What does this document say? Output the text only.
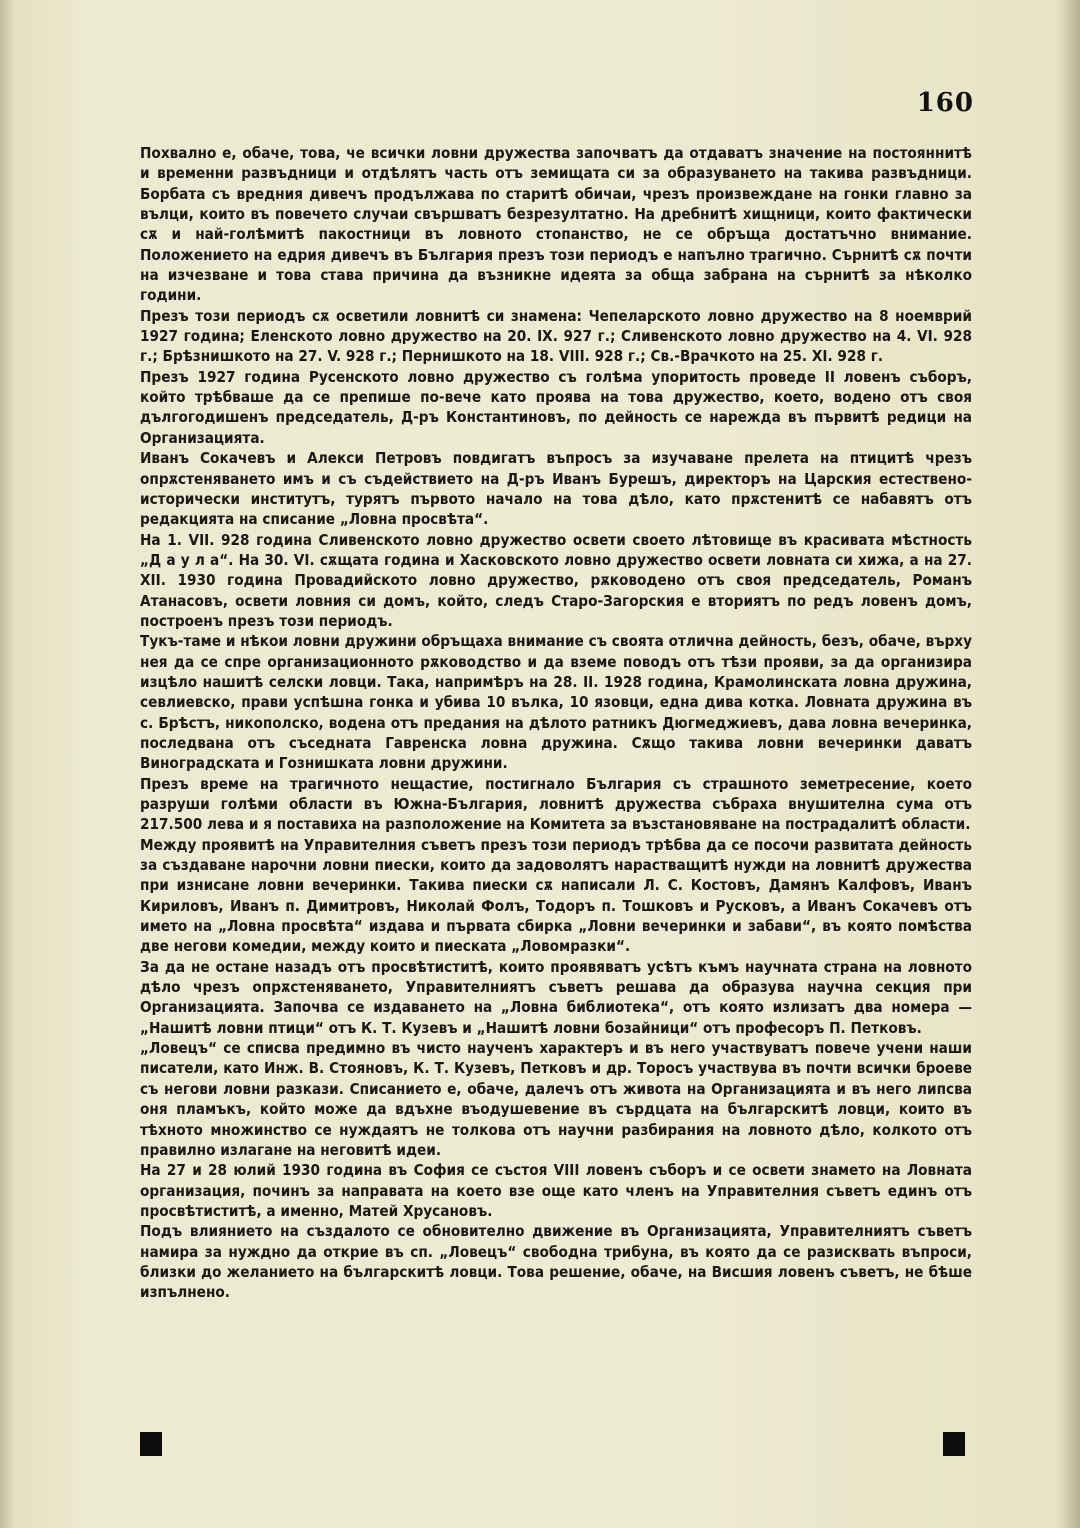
160

Похвално е, обаче, това, че всички ловни дружества започватъ да отдаватъ значение на постояннитѣ и временни развъдници и отдѣлятъ часть отъ земищата си за образуването на такива развъдници. Борбата съ вредния дивечъ продължава по старитѣ обичаи, чрезъ произвеждане на гонки главно за вълци, които въ повечето случаи свършватъ безрезултатно. На дребнитѣ хищници, които фактически сѫ и най-голѣмитѣ пакостници въ ловното стопанство, не се обръща достатъчно внимание. Положението на едрия дивечъ въ България презъ този периодъ е напълно трагично. Сърнитѣ сѫ почти на изчезване и това става причина да възникне идеята за обща забрана на сърнитѣ за нѣколко години.

Презъ този периодъ сѫ осветили ловнитѣ си знамена: Чепеларското ловно дружество на 8 ноемврий 1927 година; Еленското ловно дружество на 20. IX. 927 г.; Сливенското ловно дружество на 4. VI. 928 г.; Брѣзнишкото на 27. V. 928 г.; Пернишкото на 18. VIII. 928 г.; Св.-Врачкото на 25. XI. 928 г.

Презъ 1927 година Русенското ловно дружество съ голѣма упоритость проведе II ловенъ съборъ, който трѣбваше да се препише по-вече като проява на това дружество, което, водено отъ своя дългогодишенъ председатель, Д-ръ Константиновъ, по дейность се нарежда въ първитѣ редици на Организацията.

Иванъ Сокачевъ и Алекси Петровъ повдигатъ въпросъ за изучаване прелета на птицитѣ чрезъ опрѫстеняването имъ и съ съдействието на Д-ръ Иванъ Бурешъ, директоръ на Царския естествено-исторически институтъ, турятъ първото начало на това дѣло, като прѫстенитѣ се набавятъ отъ редакцията на списание „Ловна просвѣта“.

На 1. VII. 928 година Сливенското ловно дружество освети своето лѣтовище въ красивата мѣстность „Д а у л а“. На 30. VI. сѫщата година и Хасковското ловно дружество освети ловната си хижа, а на 27. XII. 1930 година Провадийското ловно дружество, рѫководено отъ своя председатель, Романъ Атанасовъ, освети ловния си домъ, който, следъ Старо-Загорския е вториятъ по редъ ловенъ домъ, построенъ презъ този периодъ.

Тукъ-таме и нѣкои ловни дружини обръщаха внимание съ своята отлична дейность, безъ, обаче, върху нея да се спре организационното рѫководство и да вземе поводъ отъ тѣзи прояви, за да организира изцѣло нашитѣ селски ловци. Така, напримѣръ на 28. II. 1928 година, Крамолинската ловна дружина, севлиевско, прави успѣшна гонка и убива 10 вълка, 10 язовци, една дива котка. Ловната дружина въ с. Брѣстъ, никополско, водена отъ предания на дѣлото ратникъ Дюгмеджиевъ, дава ловна вечеринка, последвана отъ съседната Гавренска ловна дружина. Сѫщо такива ловни вечеринки даватъ Виноградската и Гознишката ловни дружини.

Презъ време на трагичното нещастие, постигнало България съ страшното земетресение, което разруши голѣми области въ Южна-България, ловнитѣ дружества събраха внушителна сума отъ 217.500 лева и я поставиха на разположение на Комитета за възстановяване на пострадалитѣ области.

Между проявитѣ на Управителния съветъ презъ този периодъ трѣбва да се посочи развитата дейность за създаване нарочни ловни пиески, които да задоволятъ нарастващитѣ нужди на ловнитѣ дружества при изнисане ловни вечеринки. Такива пиески сѫ написали Л. С. Костовъ, Дамянъ Калфовъ, Иванъ Кириловъ, Иванъ п. Димитровъ, Николай Фолъ, Тодоръ п. Тошковъ и Русковъ, а Иванъ Сокачевъ отъ името на „Ловна просвѣта“ издава и първата сбирка „Ловни вечеринки и забави“, въ която помѣства две негови комедии, между които и пиеската „Ловомразки“.

За да не остане назадъ отъ просвѣтиститѣ, които проявяватъ усѣтъ къмъ научната страна на ловното дѣло чрезъ опрѫстеняването, Управителниятъ съветъ решава да образува научна секция при Организацията. Започва се издаването на „Ловна библиотека“, отъ която излизатъ два номера — „Нашитѣ ловни птици“ отъ К. Т. Кузевъ и „Нашитѣ ловни бозайници“ отъ професоръ П. Петковъ.

„Ловецъ“ се списва предимно въ чисто наученъ характеръ и въ него участвуватъ повече учени наши писатели, като Инж. В. Стояновъ, К. Т. Кузевъ, Петковъ и др. Торосъ участвува въ почти всички броеве съ негови ловни разкази. Списанието е, обаче, далечъ отъ живота на Организацията и въ него липсва оня пламъкъ, който може да вдъхне въодушевение въ сърдцата на българскитѣ ловци, които въ тѣхното множинство се нуждаятъ не толкова отъ научни разбирания на ловното дѣло, колкото отъ правилно излагане на неговитѣ идеи.

На 27 и 28 юлий 1930 година въ София се състоя VIII ловенъ съборъ и се освети знамето на Ловната организация, починъ за направата на което взе още като членъ на Управителния съветъ единъ отъ просвѣтиститѣ, а именно, Матей Хрусановъ.

Подъ влиянието на създалото се обновително движение въ Организацията, Управителниятъ съветъ намира за нуждно да открие въ сп. „Ловецъ“ свободна трибуна, въ която да се разисквать въпроси, близки до желанието на българскитѣ ловци. Това решение, обаче, на Висшия ловенъ съветъ, не бѣше изпълнено.
